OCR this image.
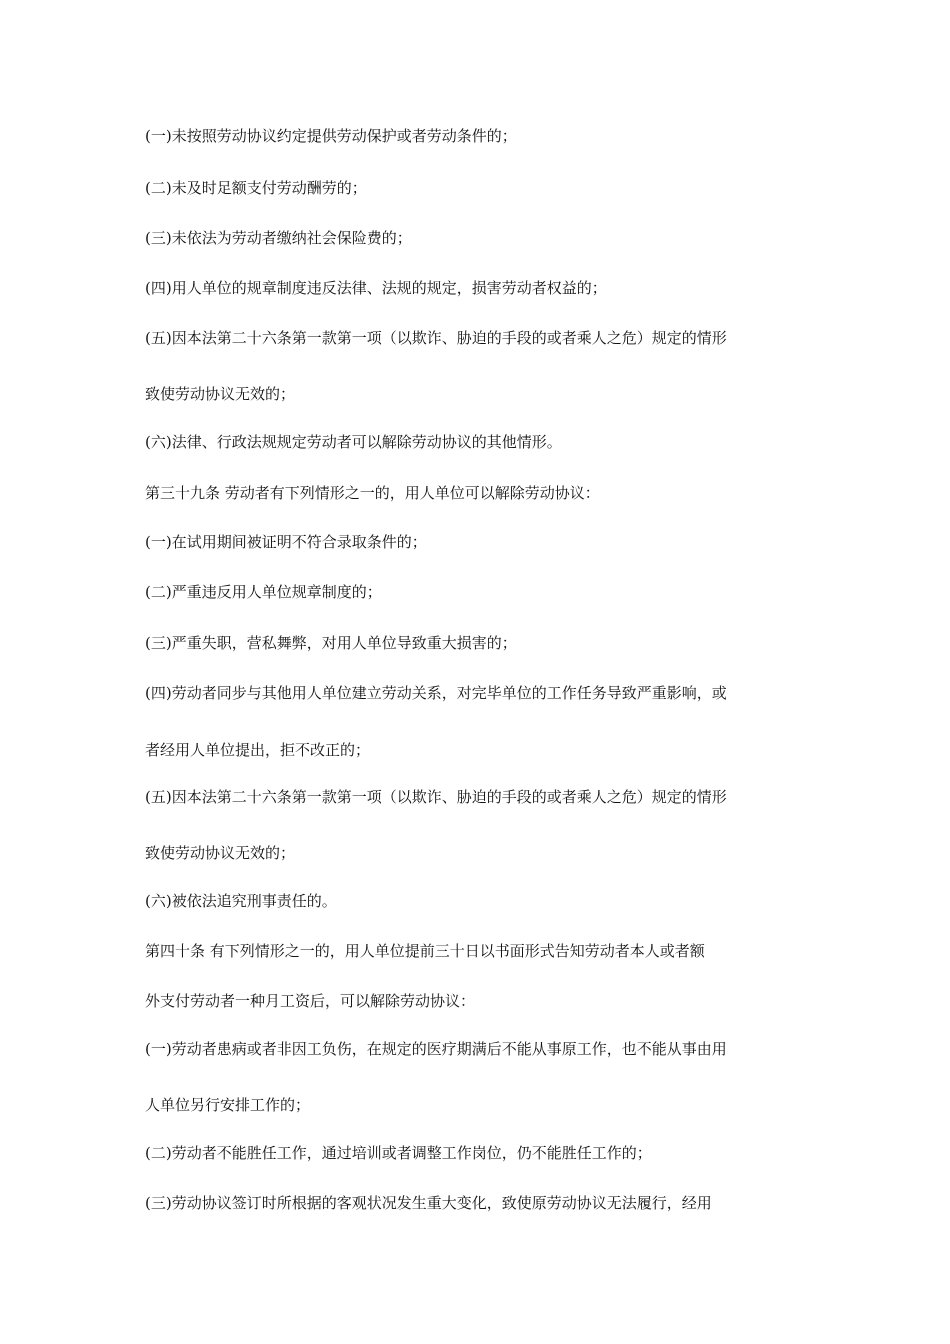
(一)未按照劳动协议约定提供劳动保护或者劳动条件的；
(二)未及时足额支付劳动酬劳的；
(三)未依法为劳动者缴纳社会保险费的；
(四)用人单位的规章制度违反法律、法规的规定，损害劳动者权益的；
(五)因本法第二十六条第一款第一项（以欺诈、胁迫的手段的或者乘人之危）规定的情形
致使劳动协议无效的；
(六)法律、行政法规规定劳动者可以解除劳动协议的其他情形。
第三十九条 劳动者有下列情形之一的，用人单位可以解除劳动协议：
(一)在试用期间被证明不符合录取条件的；
(二)严重违反用人单位规章制度的；
(三)严重失职，营私舞弊，对用人单位导致重大损害的；
(四)劳动者同步与其他用人单位建立劳动关系，对完毕单位的工作任务导致严重影响，或
者经用人单位提出，拒不改正的；
(五)因本法第二十六条第一款第一项（以欺诈、胁迫的手段的或者乘人之危）规定的情形
致使劳动协议无效的；
(六)被依法追究刑事责任的。
第四十条 有下列情形之一的，用人单位提前三十日以书面形式告知劳动者本人或者额
外支付劳动者一种月工资后，可以解除劳动协议：
(一)劳动者患病或者非因工负伤，在规定的医疗期满后不能从事原工作，也不能从事由用
人单位另行安排工作的；
(二)劳动者不能胜任工作，通过培训或者调整工作岗位，仍不能胜任工作的；
(三)劳动协议签订时所根据的客观状况发生重大变化，致使原劳动协议无法履行，经用
